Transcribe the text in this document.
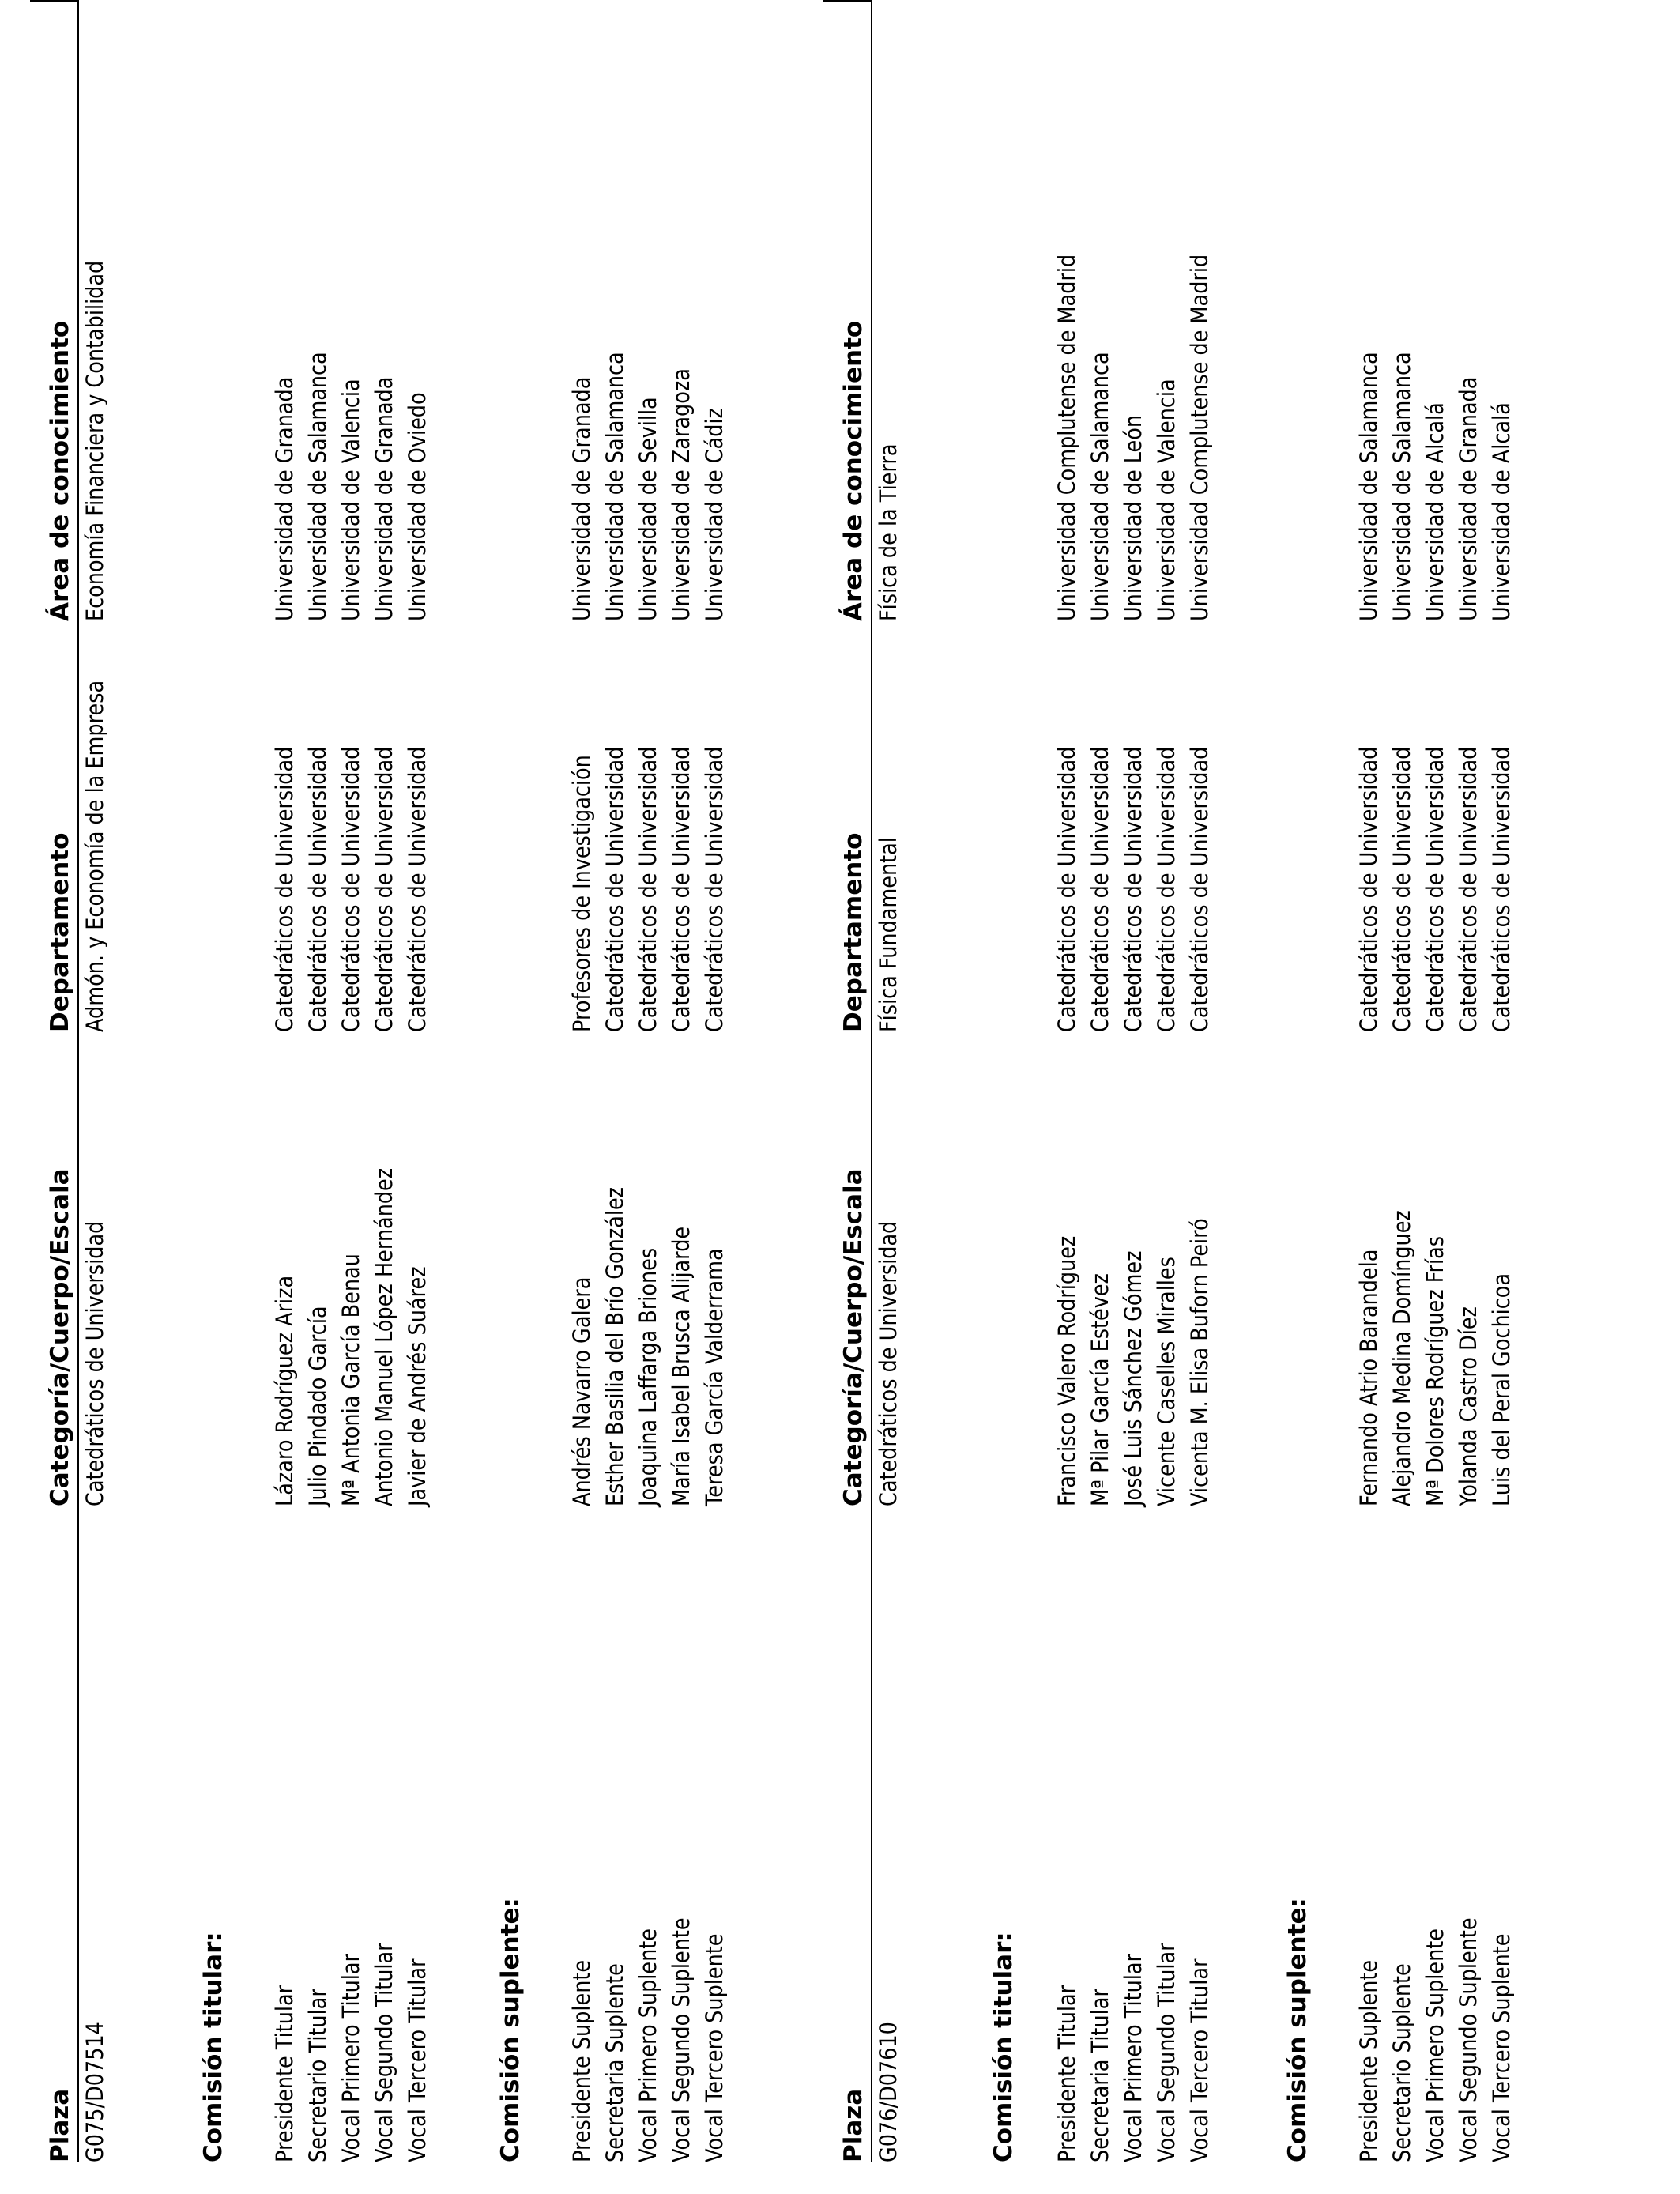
Plaza
Categoría/Cuerpo/Escala
Departamento
Área de conocimiento
G075/D07514
Catedráticos de Universidad
Admón. y Economía de la Empresa
Economía Financiera y Contabilidad
Comisión titular: Presidente Titular
Lázaro Rodríguez Ariza
Catedráticos de Universidad
Universidad de Granada
Secretario Titular
Julio Pindado García
Catedráticos de Universidad
Universidad de Salamanca
Vocal Primero Titular
Mª Antonia García Benau
Catedráticos de Universidad
Universidad de Valencia
Vocal Segundo Titular
Antonio Manuel López Hernández
Catedráticos de Universidad
Universidad de Granada
Vocal Tercero Titular
Javier de Andrés Suárez
Catedráticos de Universidad
Universidad de Oviedo
Comisión suplente: Presidente Suplente
Andrés Navarro Galera
Profesores de Investigación
Universidad de Granada
Secretaria Suplente
Esther Basilia del Brío González
Catedráticos de Universidad
Universidad de Salamanca
Vocal Primero Suplente
Joaquina Laffarga Briones
Catedráticos de Universidad
Universidad de Sevilla
Vocal Segundo Suplente
María Isabel Brusca Alijarde
Catedráticos de Universidad
Universidad de Zaragoza
Vocal Tercero Suplente
Teresa García Valderrama
Catedráticos de Universidad
Universidad de Cádiz
Plaza
Categoría/Cuerpo/Escala
Departamento
Área de conocimiento
G076/D07610
Catedráticos de Universidad
Física Fundamental
Física de la Tierra
Comisión titular: Presidente Titular
Francisco Valero Rodríguez
Catedráticos de Universidad
Universidad Complutense de Madrid
Secretaria Titular
Mª Pilar García Estévez
Catedráticos de Universidad
Universidad de Salamanca
Vocal Primero Titular
José Luis Sánchez Gómez
Catedráticos de Universidad
Universidad de León
Vocal Segundo Titular
Vicente Caselles Miralles
Catedráticos de Universidad
Universidad de Valencia
Vocal Tercero Titular
Vicenta M. Elisa Buforn Peiró
Catedráticos de Universidad
Universidad Complutense de Madrid
Comisión suplente: Presidente Suplente
Fernando Atrio Barandela
Catedráticos de Universidad
Universidad de Salamanca
Secretario Suplente
Alejandro Medina Domínguez
Catedráticos de Universidad
Universidad de Salamanca
Vocal Primero Suplente
Mª Dolores Rodríguez Frías
Catedráticos de Universidad
Universidad de Alcalá
Vocal Segundo Suplente
Yolanda Castro Díez
Catedráticos de Universidad
Universidad de Granada
Vocal Tercero Suplente
Luis del Peral Gochicoa
Catedráticos de Universidad
Universidad de Alcalá
